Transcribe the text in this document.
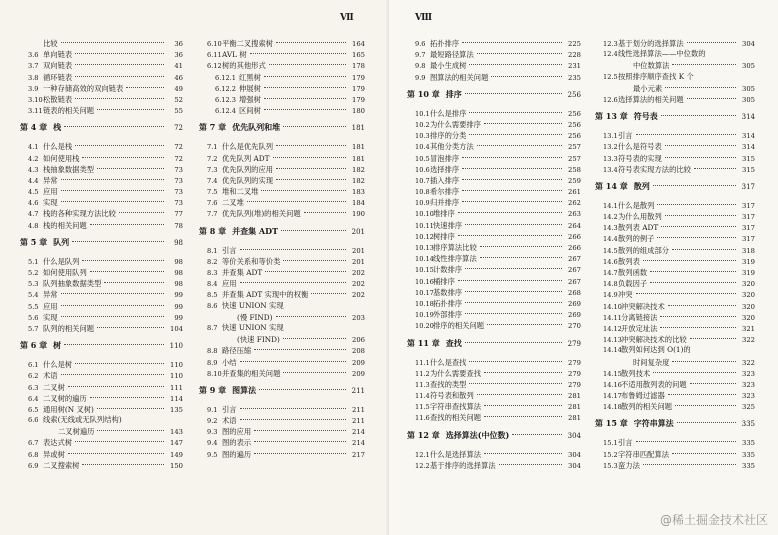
Ⅶ
比较	36
3.6 单向链表	36
3.7 双向链表	41
3.8 循环链表	46
3.9 一种存储高效的双向链表	49
3.10 松散链表	52
3.11 链表的相关问题	55
第 4 章 栈	72
4.1 什么是栈	72
4.2 如何使用栈	72
4.3 栈抽象数据类型	73
4.4 异常	73
4.5 应用	73
4.6 实现	73
4.7 栈的各种实现方法比较	77
4.8 栈的相关问题	78
第 5 章 队列	98
5.1 什么是队列	98
5.2 如何使用队列	98
5.3 队列抽象数据类型	98
5.4 异常	99
5.5 应用	99
5.6 实现	99
5.7 队列的相关问题	104
第 6 章 树	110
6.1 什么是树	110
6.2 术语	110
6.3 二叉树	111
6.4 二叉树的遍历	114
6.5 通用树(N 叉树)	135
6.6 线索(无线或无队列结构)
二叉树遍历	143
6.7 表达式树	147
6.8 异或树	149
6.9 二叉搜索树	150
6.10 平衡二叉搜索树	164
6.11 AVL 树	165
6.12 树的其他形式	178
6.12.1 红黑树	179
6.12.2 伸展树	179
6.12.3 增强树	179
6.12.4 区间树	180
第 7 章 优先队列和堆	181
7.1 什么是优先队列	181
7.2 优先队列 ADT	181
7.3 优先队列的应用	182
7.4 优先队列的实现	182
7.5 堆和二叉堆	183
7.6 二叉堆	184
7.7 优先队列(堆)的相关问题	190
第 8 章 并查集 ADT	201
8.1 引言	201
8.2 等价关系和等价类	201
8.3 并查集 ADT	202
8.4 应用	202
8.5 并查集 ADT 实现中的权衡	202
8.6 快速 UNION 实现
(慢 FIND)	203
8.7 快速 UNION 实现
(快速 FIND)	206
8.8 路径压缩	208
8.9 小结	209
8.10 并查集的相关问题	209
第 9 章 图算法	211
9.1 引言	211
9.2 术语	211
9.3 图的应用	214
9.4 图的表示	214
9.5 图的遍历	217
Ⅷ
9.6 拓扑排序	225
9.7 最短路径算法	228
9.8 最小生成树	231
9.9 图算法的相关问题	235
第 10 章 排序	256
10.1 什么是排序	256
10.2 为什么需要排序	256
10.3 排序的分类	256
10.4 其他分类方法	257
10.5 冒泡排序	257
10.6 选择排序	258
10.7 插入排序	259
10.8 希尔排序	261
10.9 归并排序	262
10.10 堆排序	263
10.11 快速排序	264
10.12 树排序	266
10.13 排序算法比较	266
10.14 线性排序算法	267
10.15 计数排序	267
10.16 桶排序	267
10.17 基数排序	268
10.18 拓扑排序	269
10.19 外部排序	269
10.20 排序的相关问题	270
第 11 章 查找	279
11.1 什么是查找	279
11.2 为什么需要查找	279
11.3 查找的类型	279
11.4 符号表和散列	281
11.5 字符串查找算法	281
11.6 查找的相关问题	281
第 12 章 选择算法(中位数)	304
12.1 什么是选择算法	304
12.2 基于排序的选择算法	304
12.3 基于划分的选择算法	304
12.4 线性选择算法——中位数的
中位数算法	305
12.5 按照排序顺序查找 K 个
最小元素	305
12.6 选择算法的相关问题	305
第 13 章 符号表	314
13.1 引言	314
13.2 什么是符号表	314
13.3 符号表的实现	315
13.4 符号表实现方法的比较	315
第 14 章 散列	317
14.1 什么是散列	317
14.2 为什么用散列	317
14.3 散列表 ADT	317
14.4 散列的例子	317
14.5 散列的组成部分	318
14.6 散列表	319
14.7 散列函数	319
14.8 负载因子	320
14.9 冲突	320
14.10 冲突解决技术	320
14.11 分离链接法	320
14.12 开放定址法	321
14.13 冲突解决技术的比较	322
14.14 散列如何达到 O(1)的
时间复杂度	322
14.15 散列技术	323
14.16 不适用散列表的问题	323
14.17 布鲁姆过滤器	323
14.18 散列的相关问题	325
第 15 章 字符串算法	335
15.1 引言	335
15.2 字符串匹配算法	335
15.3 蛮力法	335
@稀土掘金技术社区
